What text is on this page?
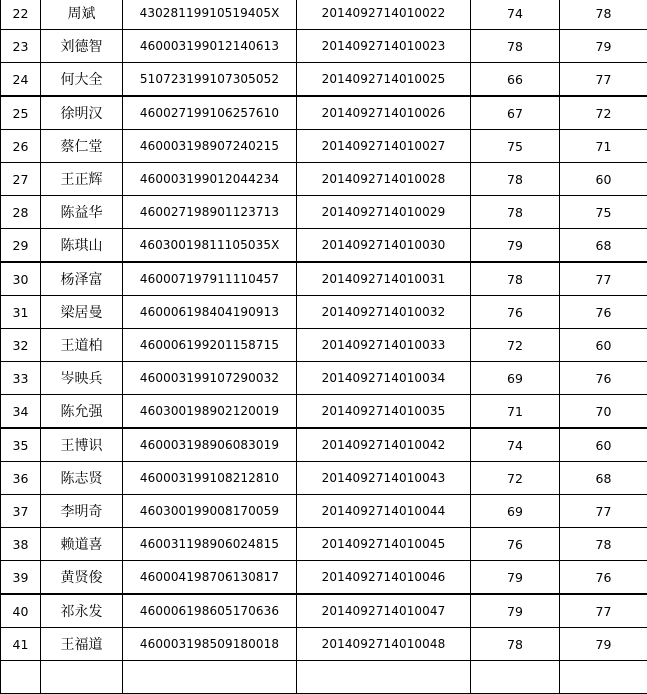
22	周斌	43028119910519405X	2014092714010022	74	78
23	刘德智	460003199012140613	2014092714010023	78	79
24	何大全	510723199107305052	2014092714010025	66	77
25	徐明汉	460027199106257610	2014092714010026	67	72
26	蔡仁堂	460003198907240215	2014092714010027	75	71
27	王正辉	460003199012044234	2014092714010028	78	60
28	陈益华	460027198901123713	2014092714010029	78	75
29	陈琪山	46030019811105035X	2014092714010030	79	68
30	杨泽富	460007197911110457	2014092714010031	78	77
31	梁居曼	460006198404190913	2014092714010032	76	76
32	王道柏	460006199201158715	2014092714010033	72	60
33	岑映兵	460003199107290032	2014092714010034	69	76
34	陈允强	460300198902120019	2014092714010035	71	70
35	王博识	460003198906083019	2014092714010042	74	60
36	陈志贤	460003199108212810	2014092714010043	72	68
37	李明奇	460300199008170059	2014092714010044	69	77
38	赖道喜	460031198906024815	2014092714010045	76	78
39	黄贤俊	460004198706130817	2014092714010046	79	76
40	祁永发	460006198605170636	2014092714010047	79	77
41	王福道	460003198509180018	2014092714010048	78	79
